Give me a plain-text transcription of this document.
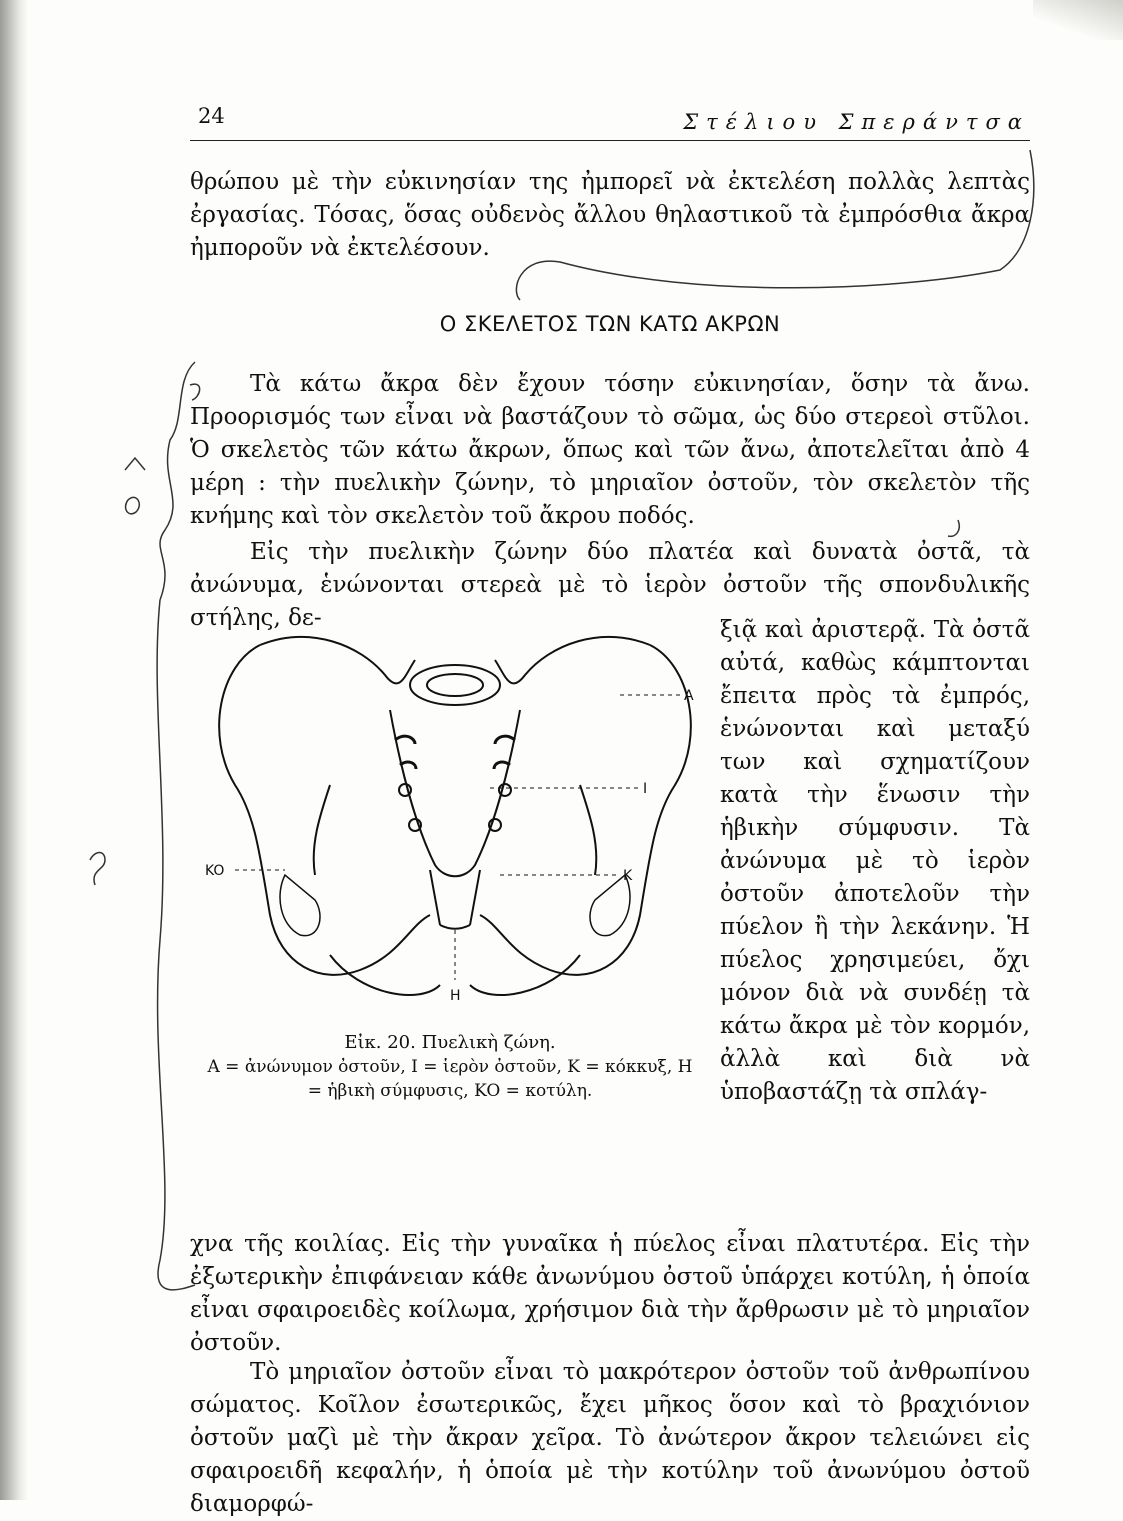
24	Στέλιου Σπεράντσα

θρώπου μὲ τὴν εὐκινησίαν της ἠμπορεῖ νὰ ἐκτελέση πολλὰς λεπτὰς ἐργασίας. Τόσας, ὅσας οὐδενὸς ἄλλου θηλαστικοῦ τὰ ἐμπρόσθια ἄκρα ἠμποροῦν νὰ ἐκτελέσουν.

Ο ΣΚΕΛΕΤΟΣ ΤΩΝ ΚΑΤΩ ΑΚΡΩΝ

Τὰ κάτω ἄκρα δὲν ἔχουν τόσην εὐκινησίαν, ὅσην τὰ ἄνω. Προορισμός των εἶναι νὰ βαστάζουν τὸ σῶμα, ὡς δύο στερεοὶ στῦλοι. Ὁ σκελετὸς τῶν κάτω ἄκρων, ὅπως καὶ τῶν ἄνω, ἀποτελεῖται ἀπὸ 4 μέρη : τὴν πυελικὴν ζώνην, τὸ μηριαῖον ὀστοῦν, τὸν σκελετὸν τῆς κνήμης καὶ τὸν σκελετὸν τοῦ ἄκρου ποδός.

Εἰς τὴν πυελικὴν ζώνην δύο πλατέα καὶ δυνατὰ ὀστᾶ, τὰ ἀνώνυμα, ἑνώνονται στερεὰ μὲ τὸ ἱερὸν ὀστοῦν τῆς σπονδυλικῆς στήλης, δε-

A
I
K
KO
H
Εἰκ. 20. Πυελικὴ ζώνη.
A = ἀνώνυμον ὀστοῦν, I = ἱερὸν ὀστοῦν, K = κόκκυξ, H = ἡβικὴ σύμφυσις, KO = κοτύλη.

ξιᾷ καὶ ἀριστερᾷ. Τὰ ὀστᾶ αὐτά, καθὼς κάμπτονται ἔπειτα πρὸς τὰ ἐμπρός, ἑνώνονται καὶ μεταξύ των καὶ σχηματίζουν κατὰ τὴν ἕνωσιν τὴν ἡβικὴν σύμφυσιν. Τὰ ἀνώνυμα μὲ τὸ ἱερὸν ὀστοῦν ἀποτελοῦν τὴν πύελον ἢ τὴν λεκάνην. Ἡ πύελος χρησιμεύει, ὄχι μόνον διὰ νὰ συνδέῃ τὰ κάτω ἄκρα μὲ τὸν κορμόν, ἀλλὰ καὶ διὰ νὰ ὑποβαστάζῃ τὰ σπλάγ-

χνα τῆς κοιλίας. Εἰς τὴν γυναῖκα ἡ πύελος εἶναι πλατυτέρα. Εἰς τὴν ἐξωτερικὴν ἐπιφάνειαν κάθε ἀνωνύμου ὀστοῦ ὑπάρχει κοτύλη, ἡ ὁποία εἶναι σφαιροειδὲς κοίλωμα, χρήσιμον διὰ τὴν ἄρθρωσιν μὲ τὸ μηριαῖον ὀστοῦν.

Τὸ μηριαῖον ὀστοῦν εἶναι τὸ μακρότερον ὀστοῦν τοῦ ἀνθρωπίνου σώματος. Κοῖλον ἐσωτερικῶς, ἔχει μῆκος ὅσον καὶ τὸ βραχιόνιον ὀστοῦν μαζὶ μὲ τὴν ἄκραν χεῖρα. Τὸ ἀνώτερον ἄκρον τελειώνει εἰς σφαιροειδῆ κεφαλήν, ἡ ὁποία μὲ τὴν κοτύλην τοῦ ἀνωνύμου ὀστοῦ διαμορφώ-
